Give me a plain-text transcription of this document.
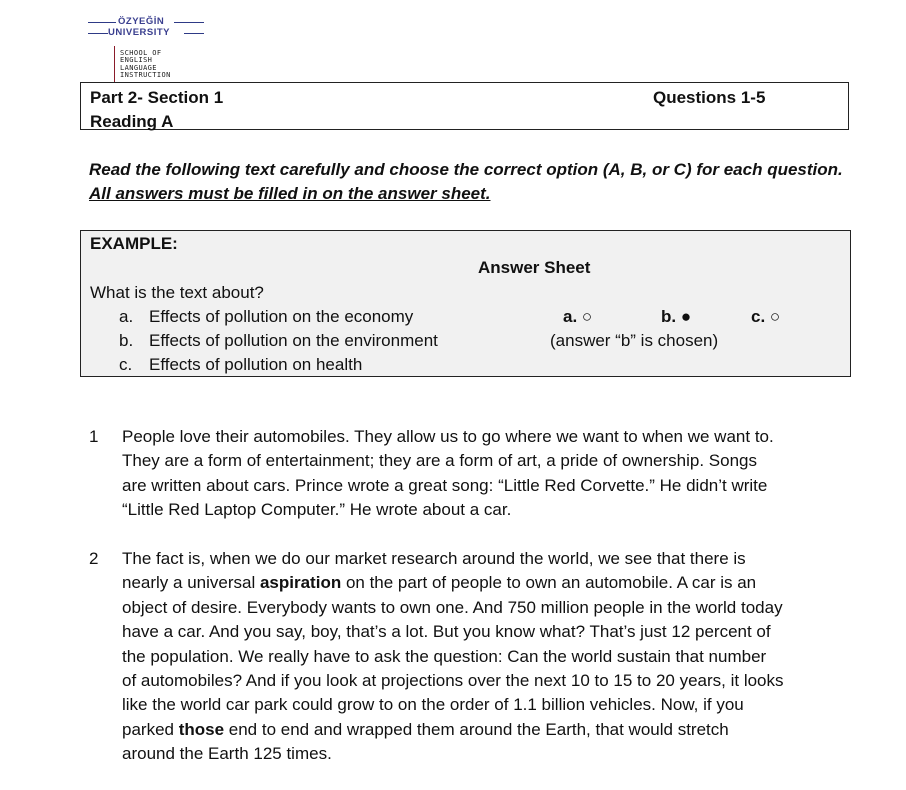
ÖZYEĞİN
UNIVERSITY
SCHOOL OF
ENGLISH
LANGUAGE
INSTRUCTION
Part 2- Section 1
Reading A
Questions 1-5
Read the following text carefully and choose the correct option (A, B, or C) for each question.
All answers must be filled in on the answer sheet.
EXAMPLE:
Answer Sheet
What is the text about?
a. Effects of pollution on the economy
b. Effects of pollution on the environment
c. Effects of pollution on health
a. ○	b. ●	c. ○
(answer “b” is chosen)
1 People love their automobiles. They allow us to go where we want to when we want to.
They are a form of entertainment; they are a form of art, a pride of ownership. Songs
are written about cars. Prince wrote a great song: “Little Red Corvette.” He didn’t write
“Little Red Laptop Computer.” He wrote about a car.
2 The fact is, when we do our market research around the world, we see that there is
nearly a universal aspiration on the part of people to own an automobile. A car is an
object of desire. Everybody wants to own one. And 750 million people in the world today
have a car. And you say, boy, that’s a lot. But you know what? That’s just 12 percent of
the population. We really have to ask the question: Can the world sustain that number
of automobiles? And if you look at projections over the next 10 to 15 to 20 years, it looks
like the world car park could grow to on the order of 1.1 billion vehicles. Now, if you
parked those end to end and wrapped them around the Earth, that would stretch
around the Earth 125 times.
